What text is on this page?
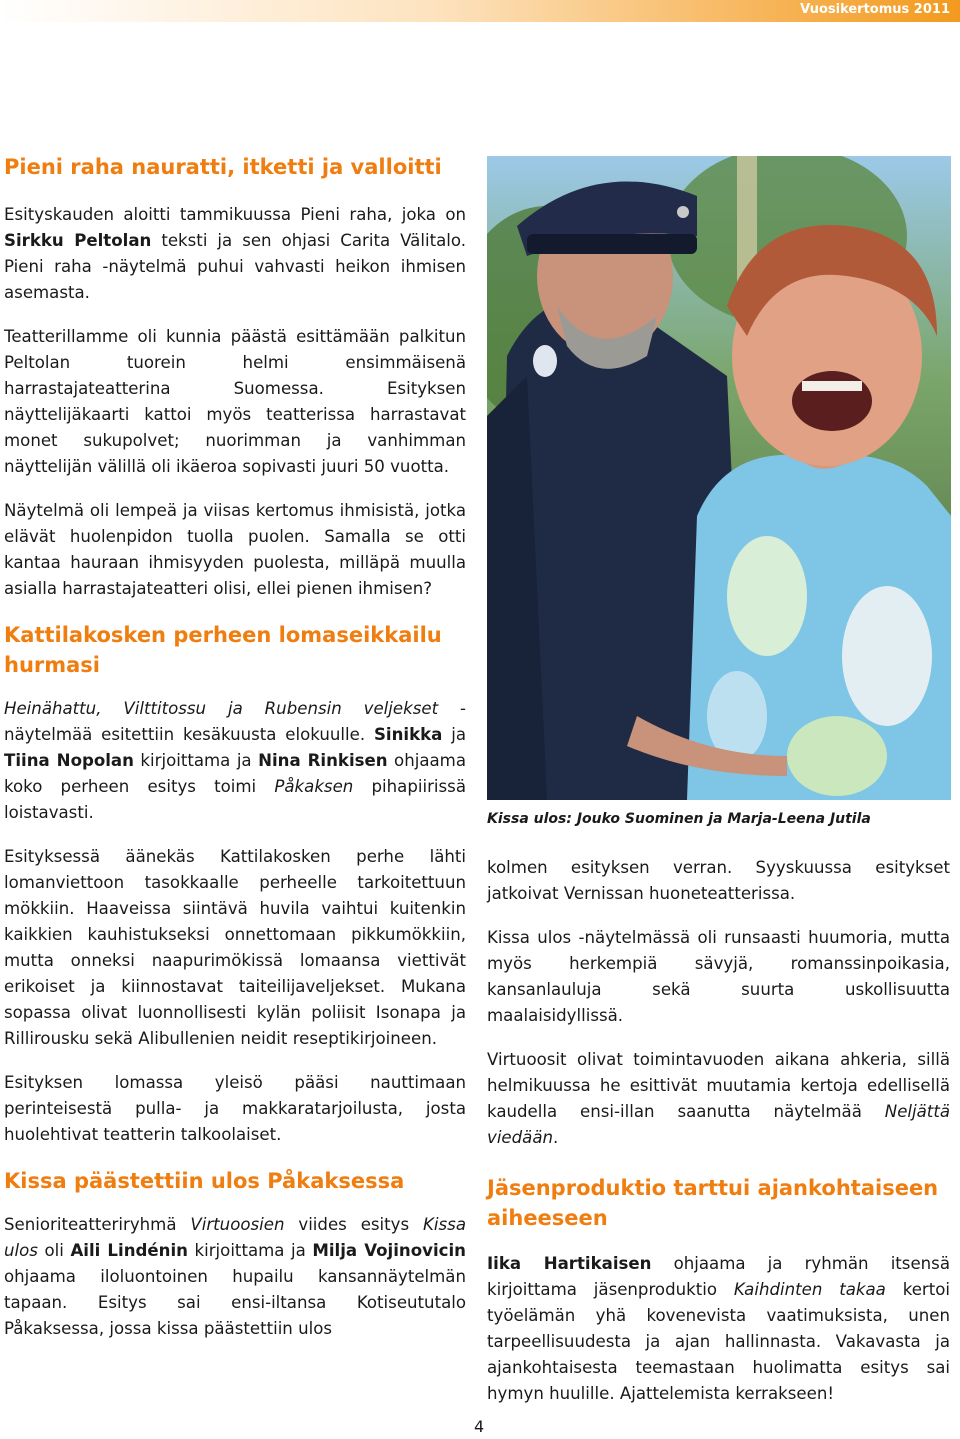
Vuosikertomus 2011
Pieni raha nauratti, itketti ja valloitti

Esityskauden aloitti tammikuussa Pieni raha, joka on Sirkku Peltolan teksti ja sen ohjasi Carita Välitalo. Pieni raha -näytelmä puhui vahvasti heikon ihmisen asemasta.

Teatterillamme oli kunnia päästä esittämään palkitun Peltolan tuorein helmi ensimmäisenä harrastajateatterina Suomessa. Esityksen näyttelijäkaarti kattoi myös teatterissa harrastavat monet sukupolvet; nuorimman ja vanhimman näyttelijän välillä oli ikäeroa sopivasti juuri 50 vuotta.

Näytelmä oli lempeä ja viisas kertomus ihmisistä, jotka elävät huolenpidon tuolla puolen. Samalla se otti kantaa hauraan ihmisyyden puolesta, milläpä muulla asialla harrastajateatteri olisi, ellei pienen ihmisen?

Kattilakosken perheen lomaseikkailu hurmasi

Heinähattu, Vilttitossu ja Rubensin veljekset -näytelmää esitettiin kesäkuusta elokuulle. Sinikka ja Tiina Nopolan kirjoittama ja Nina Rinkisen ohjaama koko perheen esitys toimi Påkaksen pihapiirissä loistavasti.

Esityksessä äänekäs Kattilakosken perhe lähti lomanviettoon tasokkaalle perheelle tarkoitettuun mökkiin. Haaveissa siintävä huvila vaihtui kuitenkin kaikkien kauhistukseksi onnettomaan pikkumökkiin, mutta onneksi naapurimökissä lomaansa viettivät erikoiset ja kiinnostavat taiteilijaveljekset. Mukana sopassa olivat luonnollisesti kylän poliisit Isonapa ja Rillirousku sekä Alibullenien neidit reseptikirjoineen.

Esityksen lomassa yleisö pääsi nauttimaan perinteisestä pulla- ja makkaratarjoilusta, josta huolehtivat teatterin talkoolaiset.

Kissa päästettiin ulos Påkaksessa

Senioriteatteriryhmä Virtuoosien viides esitys Kissa ulos oli Aili Lindénin kirjoittama ja Milja Vojinovicin ohjaama iloluontoinen hupailu kansannäytelmän tapaan. Esitys sai ensi-iltansa Kotiseututalo Påkaksessa, jossa kissa päästettiin ulos

Kissa ulos: Jouko Suominen ja Marja-Leena Jutila

kolmen esityksen verran. Syyskuussa esitykset jatkoivat Vernissan huoneteatterissa.

Kissa ulos -näytelmässä oli runsaasti huumoria, mutta myös herkempiä sävyjä, romanssinpoikasia, kansanlauluja sekä suurta uskollisuutta maalaisidyllissä.

Virtuoosit olivat toimintavuoden aikana ahkeria, sillä helmikuussa he esittivät muutamia kertoja edellisellä kaudella ensi-illan saanutta näytelmää Neljättä viedään.

Jäsenproduktio tarttui ajankohtaiseen aiheeseen

Iika Hartikaisen ohjaama ja ryhmän itsensä kirjoittama jäsenproduktio Kaihdinten takaa kertoi työelämän yhä kovenevista vaatimuksista, unen tarpeellisuudesta ja ajan hallinnasta. Vakavasta ja ajankohtaisesta teemastaan huolimatta esitys sai hymyn huulille. Ajattelemista kerrakseen!

4
